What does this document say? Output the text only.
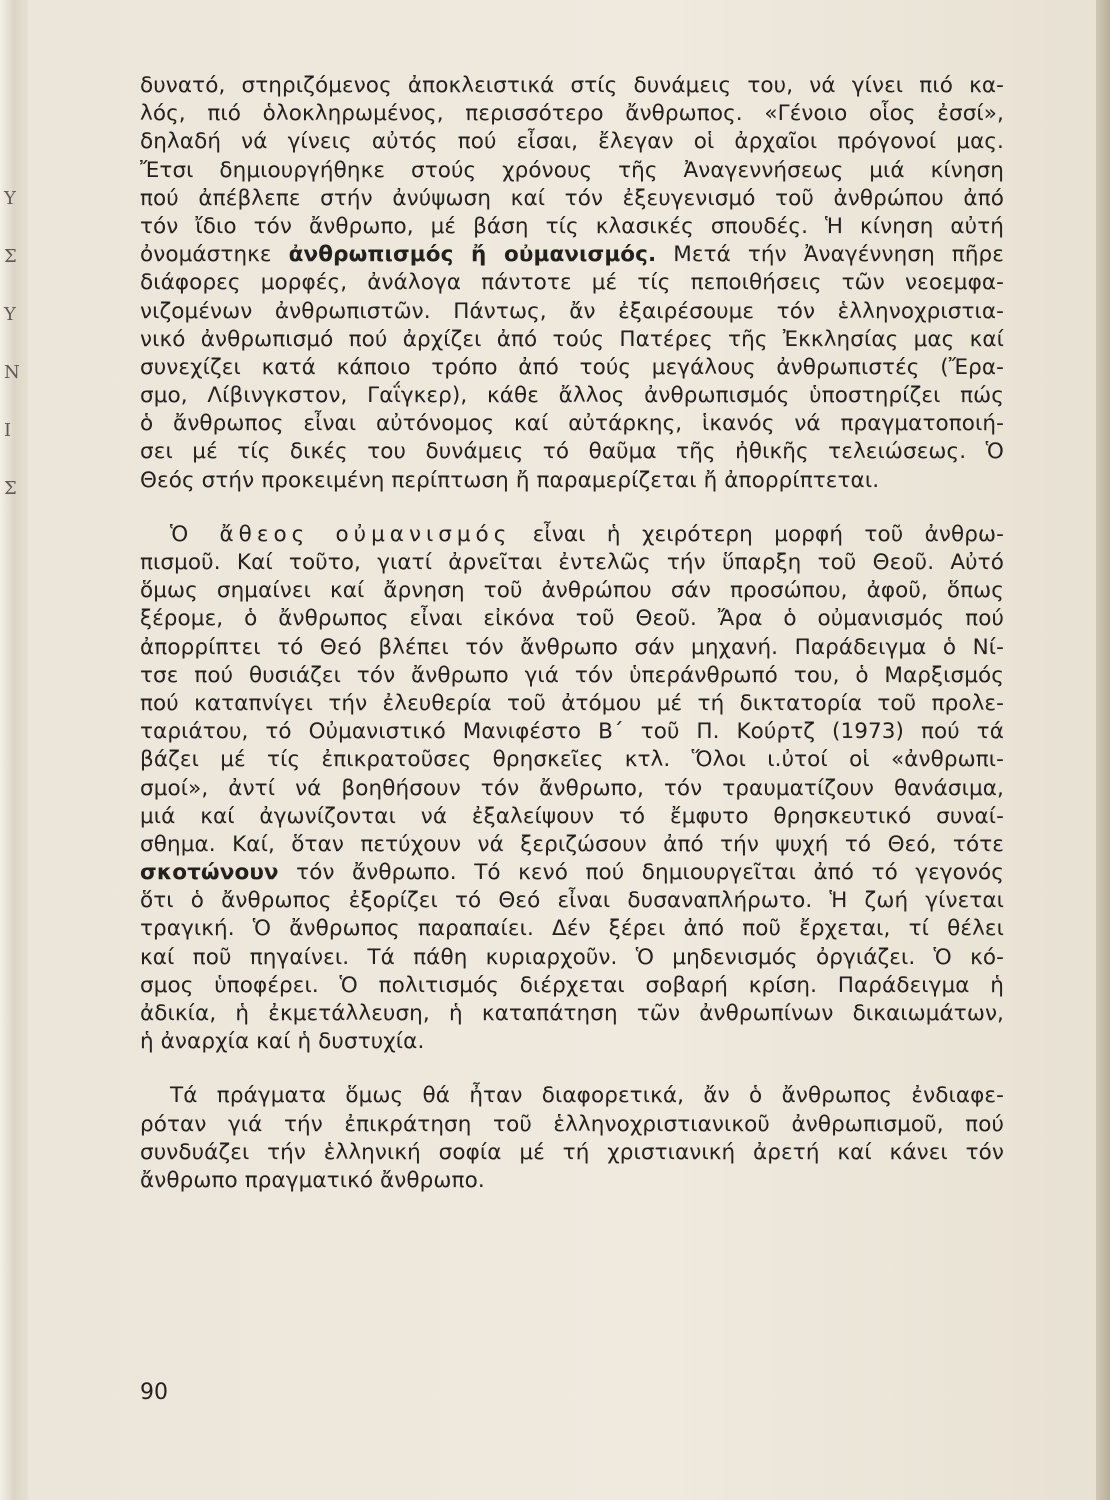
Υ
Σ
Υ
Ν
Ι
Σ
δυνατό, στηριζόμενος ἀποκλειστικά στίς δυνάμεις του, νά γίνει πιό κα-
λός, πιό ὁλοκληρωμένος, περισσότερο ἄνθρωπος. «Γένοιο οἷος ἐσσί»,
δηλαδή νά γίνεις αὐτός πού εἶσαι, ἔλεγαν οἱ ἀρχαῖοι πρόγονοί μας.
Ἔτσι δημιουργήθηκε στούς χρόνους τῆς Ἀναγεννήσεως μιά κίνηση
πού ἀπέβλεπε στήν ἀνύψωση καί τόν ἐξευγενισμό τοῦ ἀνθρώπου ἀπό
τόν ἴδιο τόν ἄνθρωπο, μέ βάση τίς κλασικές σπουδές. Ἡ κίνηση αὐτή
ὀνομάστηκε ἀνθρωπισμός ἤ οὐμανισμός. Μετά τήν Ἀναγέννηση πῆρε
διάφορες μορφές, ἀνάλογα πάντοτε μέ τίς πεποιθήσεις τῶν νεοεμφα-
νιζομένων ἀνθρωπιστῶν. Πάντως, ἄν ἐξαιρέσουμε τόν ἑλληνοχριστια-
νικό ἀνθρωπισμό πού ἀρχίζει ἀπό τούς Πατέρες τῆς Ἐκκλησίας μας καί
συνεχίζει κατά κάποιο τρόπο ἀπό τούς μεγάλους ἀνθρωπιστές (Ἔρα-
σμο, Λίβινγκστον, Γαΐγκερ), κάθε ἄλλος ἀνθρωπισμός ὑποστηρίζει πώς
ὁ ἄνθρωπος εἶναι αὐτόνομος καί αὐτάρκης, ἱκανός νά πραγματοποιή-
σει μέ τίς δικές του δυνάμεις τό θαῦμα τῆς ἠθικῆς τελειώσεως. Ὁ
Θεός στήν προκειμένη περίπτωση ἤ παραμερίζεται ἤ ἀπορρίπτεται.
Ὁ ἄθεος οὐμανισμός εἶναι ἡ χειρότερη μορφή τοῦ ἀνθρω-
πισμοῦ. Καί τοῦτο, γιατί ἀρνεῖται ἐντελῶς τήν ὕπαρξη τοῦ Θεοῦ. Αὐτό
ὅμως σημαίνει καί ἄρνηση τοῦ ἀνθρώπου σάν προσώπου, ἀφοῦ, ὅπως
ξέρομε, ὁ ἄνθρωπος εἶναι εἰκόνα τοῦ Θεοῦ. Ἄρα ὁ οὐμανισμός πού
ἀπορρίπτει τό Θεό βλέπει τόν ἄνθρωπο σάν μηχανή. Παράδειγμα ὁ Νί-
τσε πού θυσιάζει τόν ἄνθρωπο γιά τόν ὑπεράνθρωπό του, ὁ Μαρξισμός
πού καταπνίγει τήν ἐλευθερία τοῦ ἀτόμου μέ τή δικτατορία τοῦ προλε-
ταριάτου, τό Οὐμανιστικό Μανιφέστο Β΄ τοῦ Π. Κούρτζ (1973) πού τά
βάζει μέ τίς ἐπικρατοῦσες θρησκεῖες κτλ. Ὅλοι ι.ὐτοί οἱ «ἀνθρωπι-
σμοί», ἀντί νά βοηθήσουν τόν ἄνθρωπο, τόν τραυματίζουν θανάσιμα,
μιά καί ἀγωνίζονται νά ἐξαλείψουν τό ἔμφυτο θρησκευτικό συναί-
σθημα. Καί, ὅταν πετύχουν νά ξεριζώσουν ἀπό τήν ψυχή τό Θεό, τότε
σκοτώνουν τόν ἄνθρωπο. Τό κενό πού δημιουργεῖται ἀπό τό γεγονός
ὅτι ὁ ἄνθρωπος ἐξορίζει τό Θεό εἶναι δυσαναπλήρωτο. Ἡ ζωή γίνεται
τραγική. Ὁ ἄνθρωπος παραπαίει. Δέν ξέρει ἀπό ποῦ ἔρχεται, τί θέλει
καί ποῦ πηγαίνει. Τά πάθη κυριαρχοῦν. Ὁ μηδενισμός ὀργιάζει. Ὁ κό-
σμος ὑποφέρει. Ὁ πολιτισμός διέρχεται σοβαρή κρίση. Παράδειγμα ἡ
ἀδικία, ἡ ἐκμετάλλευση, ἡ καταπάτηση τῶν ἀνθρωπίνων δικαιωμάτων,
ἡ ἀναρχία καί ἡ δυστυχία.
Τά πράγματα ὅμως θά ἦταν διαφορετικά, ἄν ὁ ἄνθρωπος ἐνδιαφε-
ρόταν γιά τήν ἐπικράτηση τοῦ ἑλληνοχριστιανικοῦ ἀνθρωπισμοῦ, πού
συνδυάζει τήν ἑλληνική σοφία μέ τή χριστιανική ἀρετή καί κάνει τόν
ἄνθρωπο πραγματικό ἄνθρωπο.
90
